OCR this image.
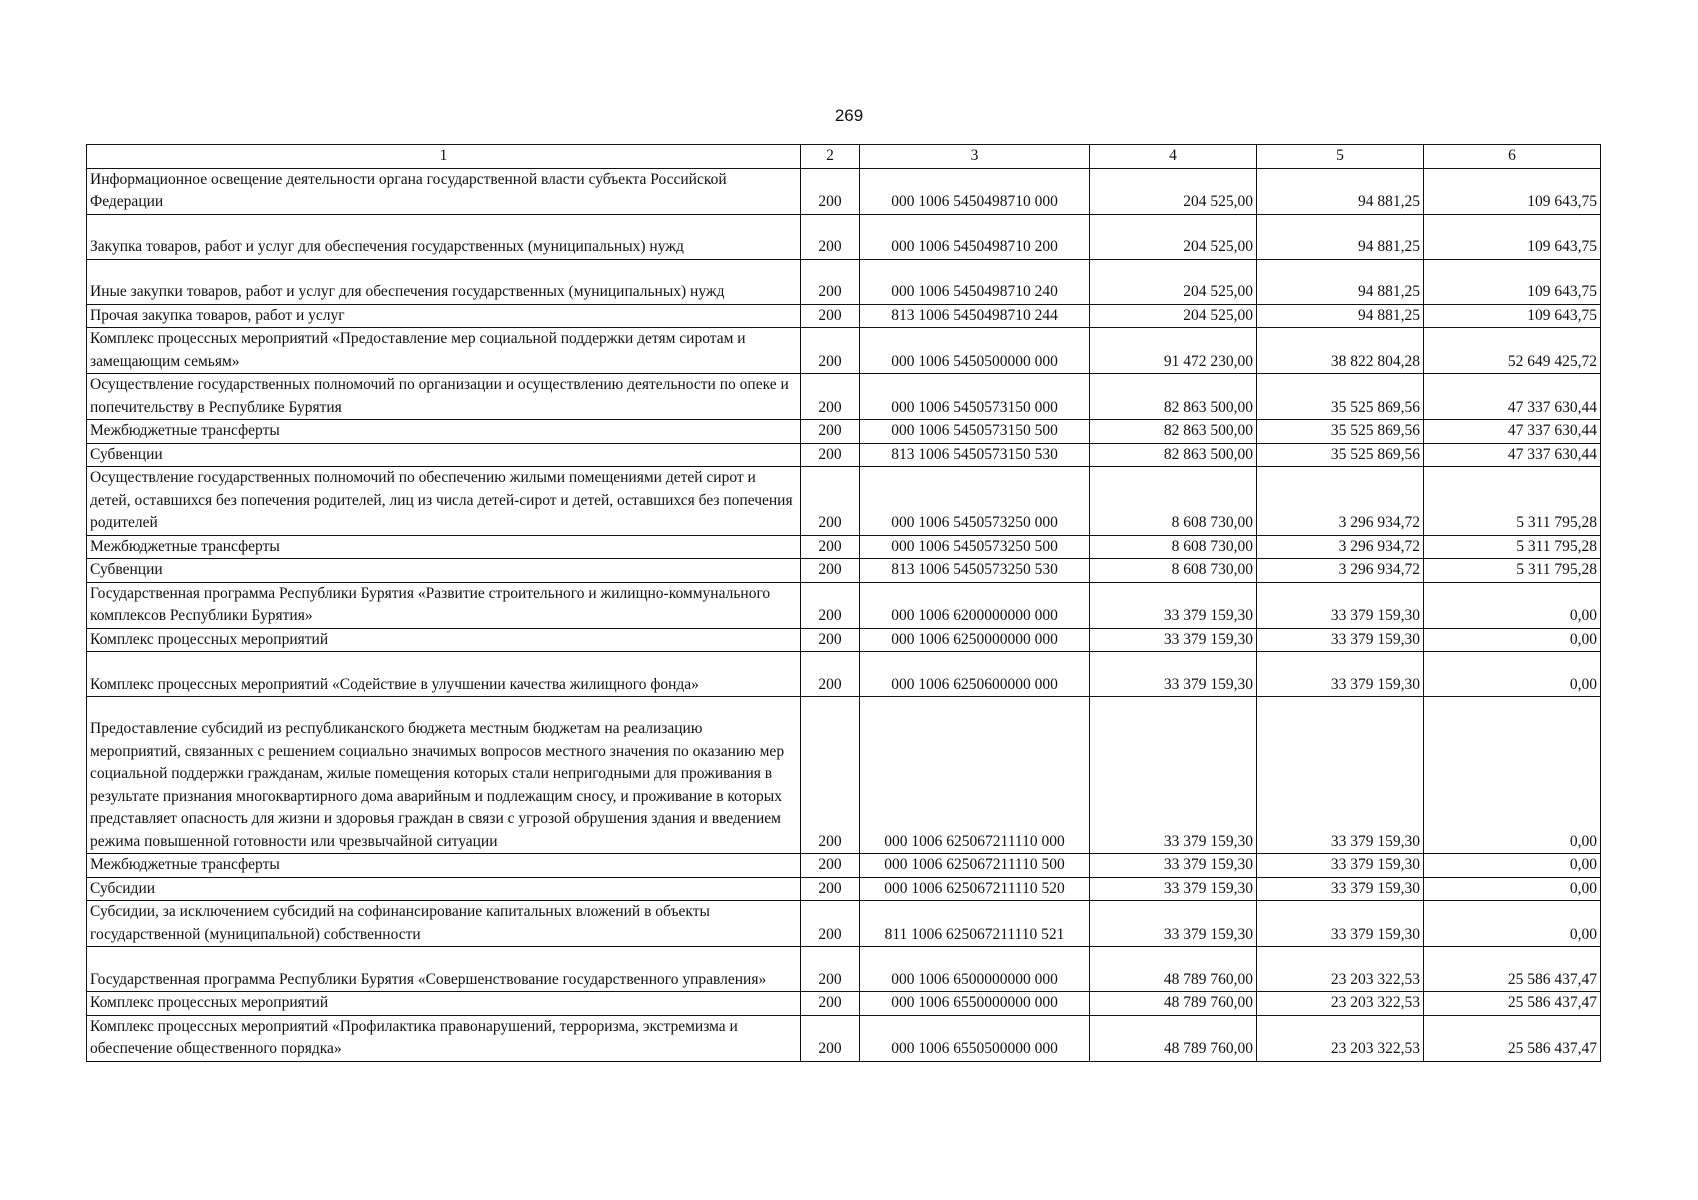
269
1	2	3	4	5	6
Информационное освещение деятельности органа государственной власти субъекта Российской Федерации	200	000 1006 5450498710 000	204 525,00	94 881,25	109 643,75
Закупка товаров, работ и услуг для обеспечения государственных (муниципальных) нужд	200	000 1006 5450498710 200	204 525,00	94 881,25	109 643,75
Иные закупки товаров, работ и услуг для обеспечения государственных (муниципальных) нужд	200	000 1006 5450498710 240	204 525,00	94 881,25	109 643,75
Прочая закупка товаров, работ и услуг	200	813 1006 5450498710 244	204 525,00	94 881,25	109 643,75
Комплекс процессных мероприятий «Предоставление мер социальной поддержки детям сиротам и замещающим семьям»	200	000 1006 5450500000 000	91 472 230,00	38 822 804,28	52 649 425,72
Осуществление государственных полномочий по организации и осуществлению деятельности по опеке и попечительству в Республике Бурятия	200	000 1006 5450573150 000	82 863 500,00	35 525 869,56	47 337 630,44
Межбюджетные трансферты	200	000 1006 5450573150 500	82 863 500,00	35 525 869,56	47 337 630,44
Субвенции	200	813 1006 5450573150 530	82 863 500,00	35 525 869,56	47 337 630,44
Осуществление государственных полномочий по обеспечению жилыми помещениями детей сирот и детей, оставшихся без попечения родителей, лиц из числа детей-сирот и детей, оставшихся без попечения родителей	200	000 1006 5450573250 000	8 608 730,00	3 296 934,72	5 311 795,28
Межбюджетные трансферты	200	000 1006 5450573250 500	8 608 730,00	3 296 934,72	5 311 795,28
Субвенции	200	813 1006 5450573250 530	8 608 730,00	3 296 934,72	5 311 795,28
Государственная программа Республики Бурятия «Развитие строительного и жилищно-коммунального комплексов Республики Бурятия»	200	000 1006 6200000000 000	33 379 159,30	33 379 159,30	0,00
Комплекс процессных мероприятий	200	000 1006 6250000000 000	33 379 159,30	33 379 159,30	0,00
Комплекс процессных мероприятий «Содействие в улучшении качества жилищного фонда»	200	000 1006 6250600000 000	33 379 159,30	33 379 159,30	0,00
Предоставление субсидий из республиканского бюджета местным бюджетам на реализацию мероприятий, связанных с решением социально значимых вопросов местного значения по оказанию мер социальной поддержки гражданам, жилые помещения которых стали непригодными для проживания в результате признания многоквартирного дома аварийным и подлежащим сносу, и проживание в которых представляет опасность для жизни и здоровья граждан в связи с угрозой обрушения здания и введением режима повышенной готовности или чрезвычайной ситуации	200	000 1006 625067211110 000	33 379 159,30	33 379 159,30	0,00
Межбюджетные трансферты	200	000 1006 625067211110 500	33 379 159,30	33 379 159,30	0,00
Субсидии	200	000 1006 625067211110 520	33 379 159,30	33 379 159,30	0,00
Субсидии, за исключением субсидий на софинансирование капитальных вложений в объекты государственной (муниципальной) собственности	200	811 1006 625067211110 521	33 379 159,30	33 379 159,30	0,00
Государственная программа Республики Бурятия «Совершенствование государственного управления»	200	000 1006 6500000000 000	48 789 760,00	23 203 322,53	25 586 437,47
Комплекс процессных мероприятий	200	000 1006 6550000000 000	48 789 760,00	23 203 322,53	25 586 437,47
Комплекс процессных мероприятий «Профилактика правонарушений, терроризма, экстремизма и обеспечение общественного порядка»	200	000 1006 6550500000 000	48 789 760,00	23 203 322,53	25 586 437,47
